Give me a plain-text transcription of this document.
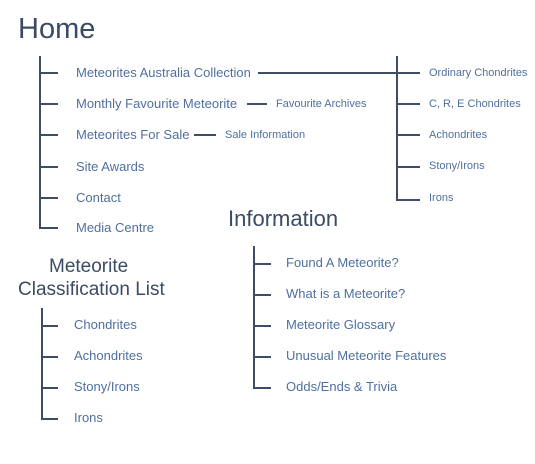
Home
Meteorites Australia Collection
Monthly Favourite Meteorite
Meteorites For Sale
Site Awards
Contact
Media Centre
Favourite Archives
Sale Information
Ordinary Chondrites
C, R, E Chondrites
Achondrites
Stony/Irons
Irons
Meteorite
Classification List
Chondrites
Achondrites
Stony/Irons
Irons
Information
Found A Meteorite?
What is a Meteorite?
Meteorite Glossary
Unusual Meteorite Features
Odds/Ends & Trivia
